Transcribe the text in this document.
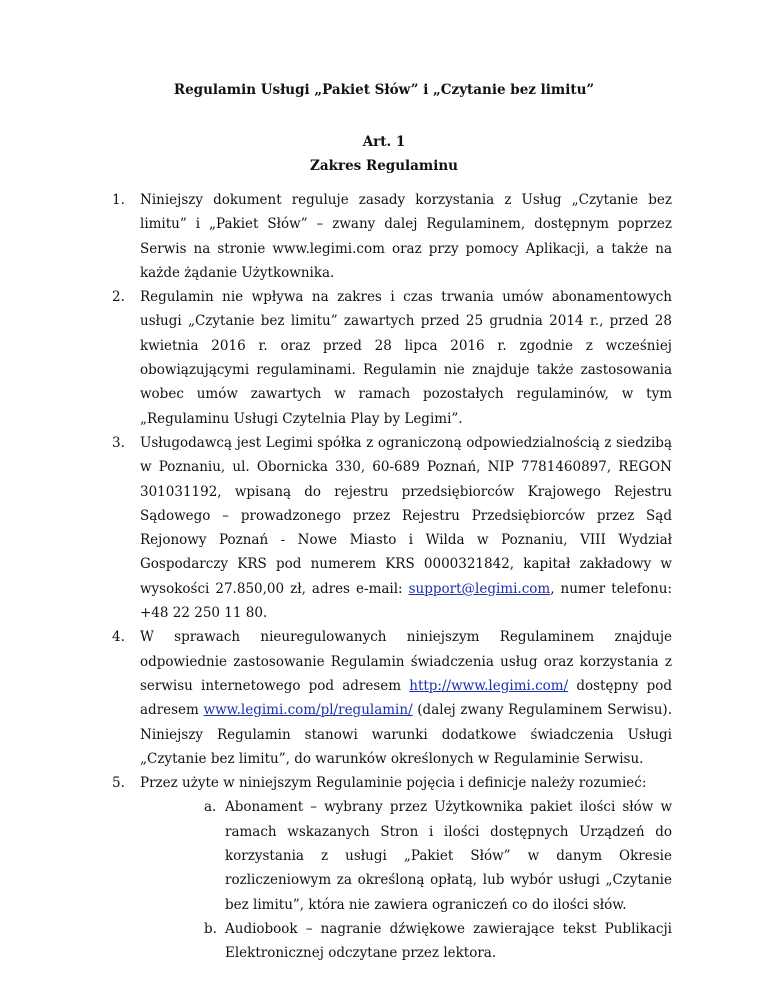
Regulamin Usługi „Pakiet Słów” i „Czytanie bez limitu”
Art. 1
Zakres Regulaminu
1. Niniejszy dokument reguluje zasady korzystania z Usług „Czytanie bez limitu” i „Pakiet Słów” – zwany dalej Regulaminem, dostępnym poprzez Serwis na stronie www.legimi.com oraz przy pomocy Aplikacji, a także na każde żądanie Użytkownika.
2. Regulamin nie wpływa na zakres i czas trwania umów abonamentowych usługi „Czytanie bez limitu” zawartych przed 25 grudnia 2014 r., przed 28 kwietnia 2016 r. oraz przed 28 lipca 2016 r. zgodnie z wcześniej obowiązującymi regulaminami. Regulamin nie znajduje także zastosowania wobec umów zawartych w ramach pozostałych regulaminów, w tym „Regulaminu Usługi Czytelnia Play by Legimi”.
3. Usługodawcą jest Legimi spółka z ograniczoną odpowiedzialnością z siedzibą w Poznaniu, ul. Obornicka 330, 60-689 Poznań, NIP 7781460897, REGON 301031192, wpisaną do rejestru przedsiębiorców Krajowego Rejestru Sądowego – prowadzonego przez Rejestru Przedsiębiorców przez Sąd Rejonowy Poznań - Nowe Miasto i Wilda w Poznaniu, VIII Wydział Gospodarczy KRS pod numerem KRS 0000321842, kapitał zakładowy w wysokości 27.850,00 zł, adres e-mail: support@legimi.com, numer telefonu: +48 22 250 11 80.
4. W sprawach nieuregulowanych niniejszym Regulaminem znajduje odpowiednie zastosowanie Regulamin świadczenia usług oraz korzystania z serwisu internetowego pod adresem http://www.legimi.com/ dostępny pod adresem www.legimi.com/pl/regulamin/ (dalej zwany Regulaminem Serwisu). Niniejszy Regulamin stanowi warunki dodatkowe świadczenia Usługi „Czytanie bez limitu”, do warunków określonych w Regulaminie Serwisu.
5. Przez użyte w niniejszym Regulaminie pojęcia i definicje należy rozumieć:
a. Abonament – wybrany przez Użytkownika pakiet ilości słów w ramach wskazanych Stron i ilości dostępnych Urządzeń do korzystania z usługi „Pakiet Słów” w danym Okresie rozliczeniowym za określoną opłatą, lub wybór usługi „Czytanie bez limitu”, która nie zawiera ograniczeń co do ilości słów.
b. Audiobook – nagranie dźwiękowe zawierające tekst Publikacji
Elektronicznej odczytane przez lektora.
